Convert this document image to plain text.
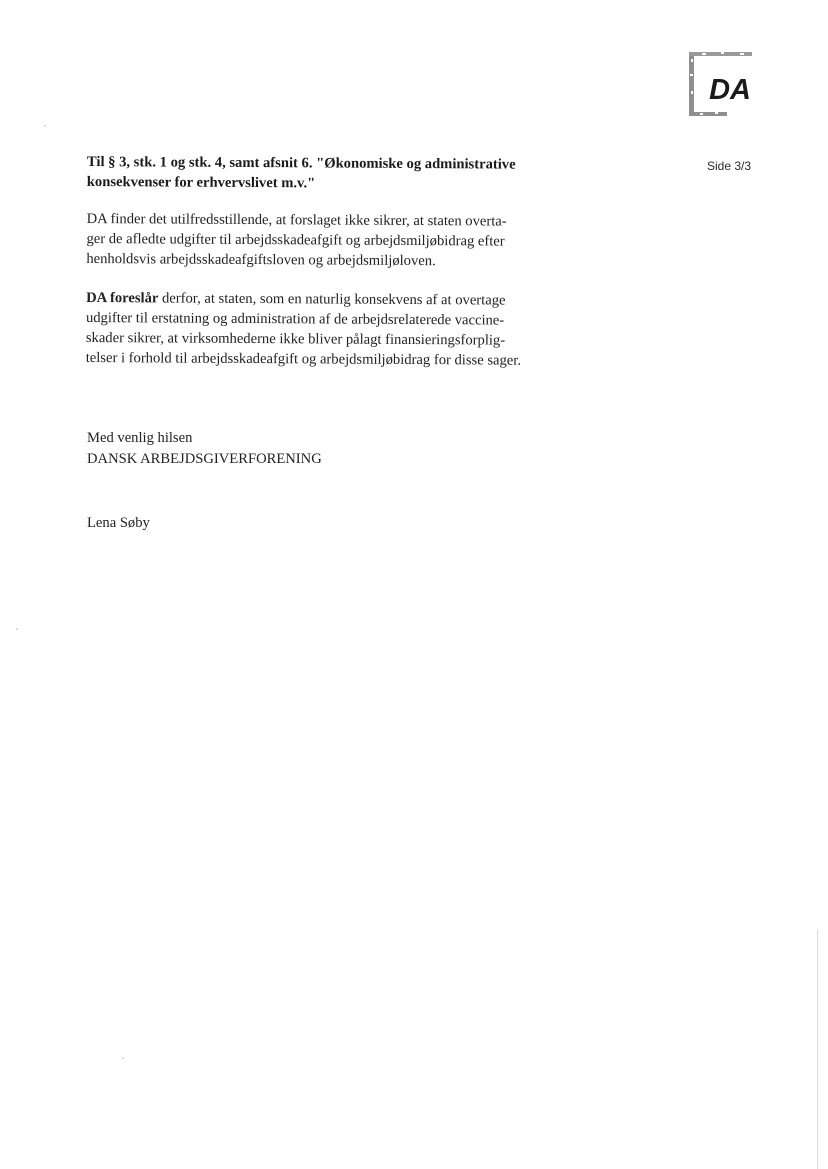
DA
Side 3/3

Til § 3, stk. 1 og stk. 4, samt afsnit 6. "Økonomiske og administrative
konsekvenser for erhvervslivet m.v."

DA finder det utilfredsstillende, at forslaget ikke sikrer, at staten overta-
ger de afledte udgifter til arbejdsskadeafgift og arbejdsmiljøbidrag efter
henholdsvis arbejdsskadeafgiftsloven og arbejdsmiljøloven.

DA foreslår derfor, at staten, som en naturlig konsekvens af at overtage
udgifter til erstatning og administration af de arbejdsrelaterede vaccine-
skader sikrer, at virksomhederne ikke bliver pålagt finansieringsforplig-
telser i forhold til arbejdsskadeafgift og arbejdsmiljøbidrag for disse sager.

Med venlig hilsen
DANSK ARBEJDSGIVERFORENING
Lena Søby
